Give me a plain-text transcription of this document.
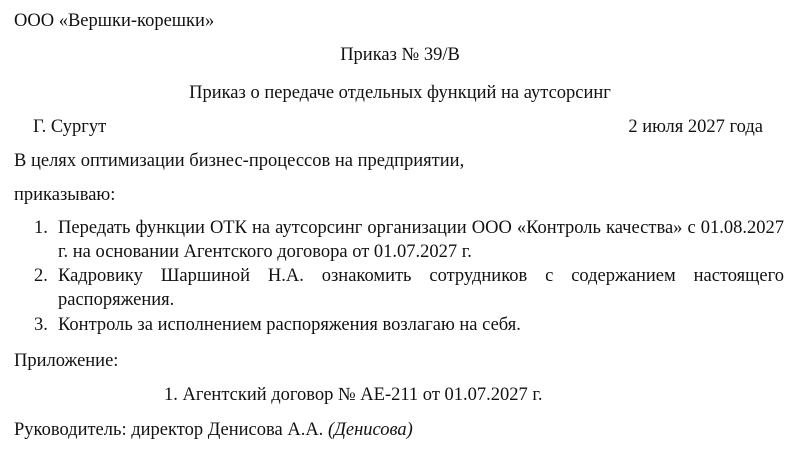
ООО «Вершки-корешки»
Приказ № 39/В
Приказ о передаче отдельных функций на аутсорсинг
Г. Сургут	2 июля 2027 года
В целях оптимизации бизнес-процессов на предприятии,
приказываю:
1. Передать функции ОТК на аутсорсинг организации ООО «Контроль качества» с 01.08.2027 г. на основании Агентского договора от 01.07.2027 г.
2. Кадровику Шаршиной Н.А. ознакомить сотрудников с содержанием настоящего распоряжения.
3. Контроль за исполнением распоряжения возлагаю на себя.
Приложение:
1. Агентский договор № АЕ-211 от 01.07.2027 г.
Руководитель: директор Денисова А.А. (Денисова)
